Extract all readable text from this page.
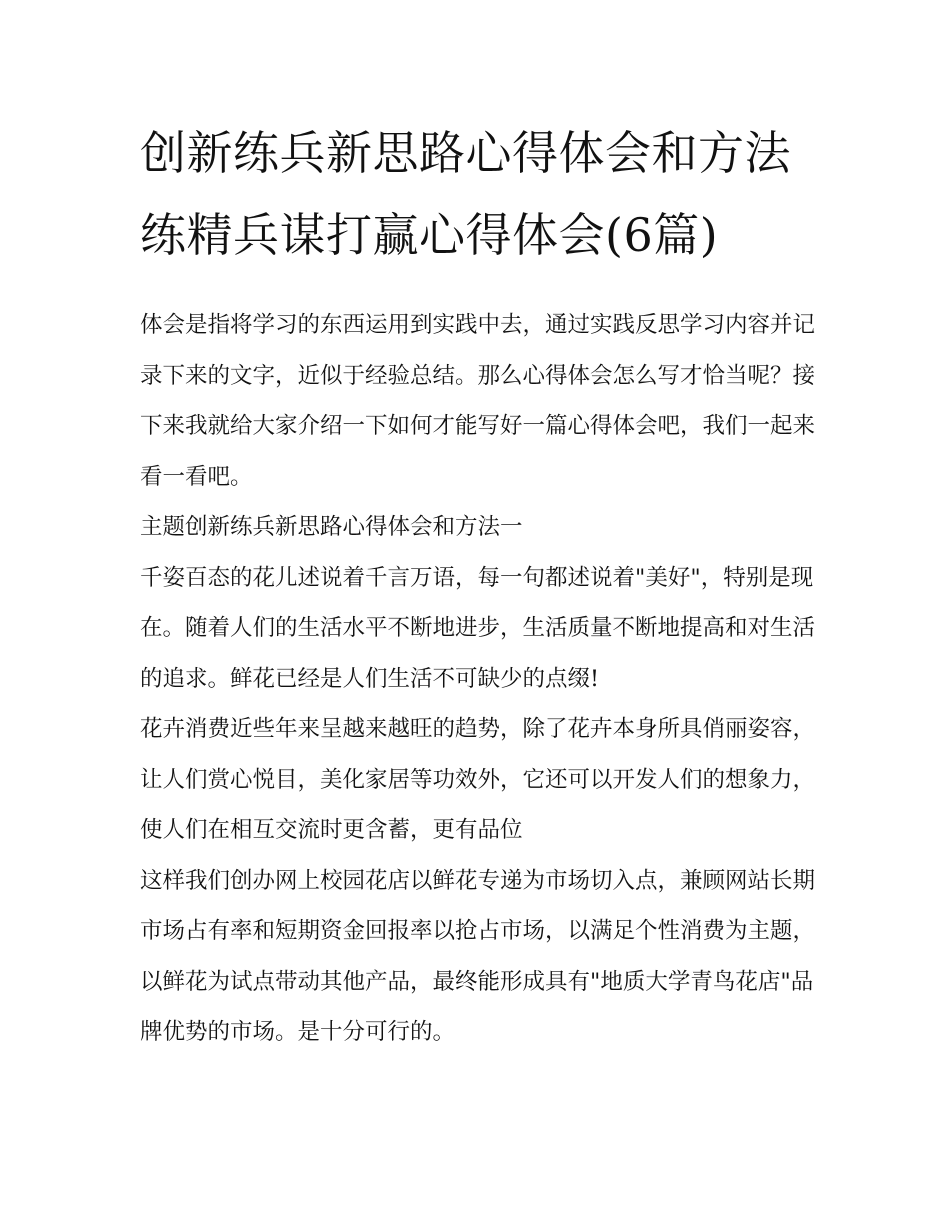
创新练兵新思路心得体会和方法 练精兵谋打赢心得体会(6篇)

体会是指将学习的东西运用到实践中去，通过实践反思学习内容并记录下来的文字，近似于经验总结。那么心得体会怎么写才恰当呢？接下来我就给大家介绍一下如何才能写好一篇心得体会吧，我们一起来看一看吧。

主题创新练兵新思路心得体会和方法一

千姿百态的花儿述说着千言万语，每一句都述说着"美好"，特别是现在。随着人们的生活水平不断地进步，生活质量不断地提高和对生活的追求。鲜花已经是人们生活不可缺少的点缀!

花卉消费近些年来呈越来越旺的趋势，除了花卉本身所具俏丽姿容，让人们赏心悦目，美化家居等功效外，它还可以开发人们的想象力，使人们在相互交流时更含蓄，更有品位

这样我们创办网上校园花店以鲜花专递为市场切入点，兼顾网站长期市场占有率和短期资金回报率以抢占市场，以满足个性消费为主题，以鲜花为试点带动其他产品，最终能形成具有"地质大学青鸟花店"品牌优势的市场。是十分可行的。
